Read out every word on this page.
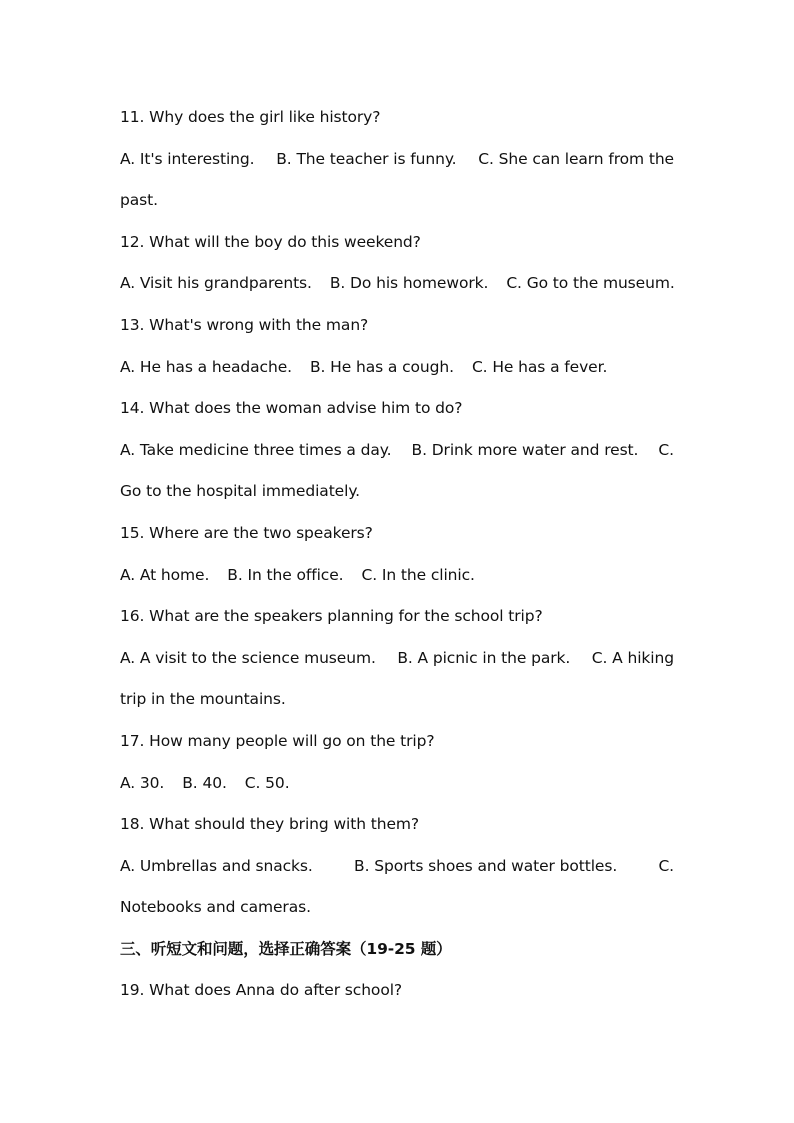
11. Why does the girl like history?
A. It's interesting. B. The teacher is funny. C. She can learn from the
past.
12. What will the boy do this weekend?
A. Visit his grandparents. B. Do his homework. C. Go to the museum.
13. What's wrong with the man?
A. He has a headache. B. He has a cough. C. He has a fever.
14. What does the woman advise him to do?
A. Take medicine three times a day. B. Drink more water and rest. C.
Go to the hospital immediately.
15. Where are the two speakers?
A. At home. B. In the office. C. In the clinic.
16. What are the speakers planning for the school trip?
A. A visit to the science museum. B. A picnic in the park. C. A hiking
trip in the mountains.
17. How many people will go on the trip?
A. 30. B. 40. C. 50.
18. What should they bring with them?
A. Umbrellas and snacks.	B. Sports shoes and water bottles.	C.
Notebooks and cameras.
三、听短文和问题，选择正确答案（19-25 题）
19. What does Anna do after school?
